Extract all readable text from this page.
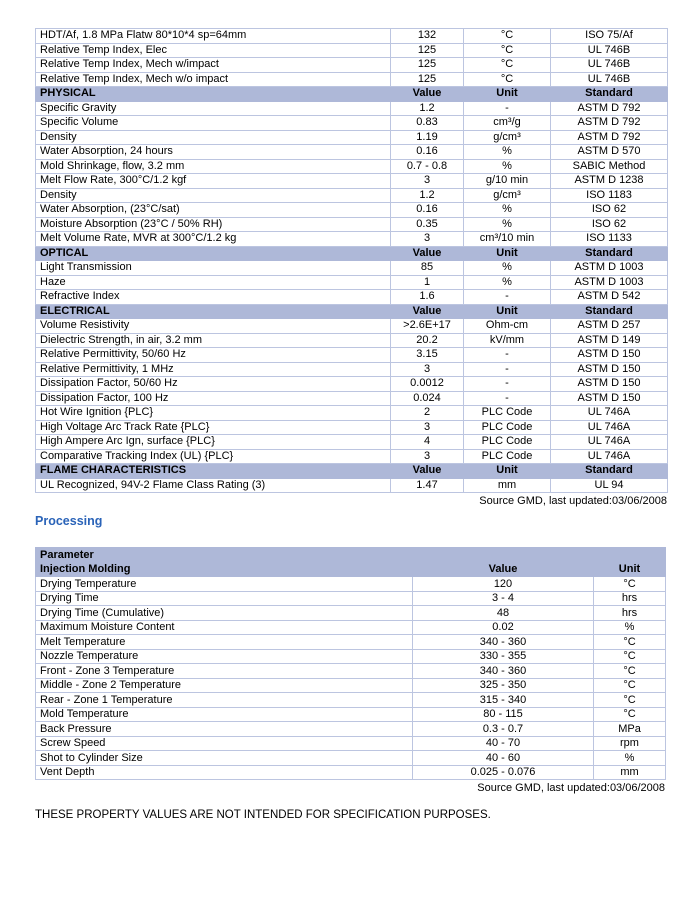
HDT/Af, 1.8 MPa Flatw 80*10*4 sp=64mm	132	°C	ISO 75/Af
Relative Temp Index, Elec	125	°C	UL 746B
Relative Temp Index, Mech w/impact	125	°C	UL 746B
Relative Temp Index, Mech w/o impact	125	°C	UL 746B
PHYSICAL	Value	Unit	Standard
Specific Gravity	1.2	-	ASTM D 792
Specific Volume	0.83	cm³/g	ASTM D 792
Density	1.19	g/cm³	ASTM D 792
Water Absorption, 24 hours	0.16	%	ASTM D 570
Mold Shrinkage, flow, 3.2 mm	0.7 - 0.8	%	SABIC Method
Melt Flow Rate, 300°C/1.2 kgf	3	g/10 min	ASTM D 1238
Density	1.2	g/cm³	ISO 1183
Water Absorption, (23°C/sat)	0.16	%	ISO 62
Moisture Absorption (23°C / 50% RH)	0.35	%	ISO 62
Melt Volume Rate, MVR at 300°C/1.2 kg	3	cm³/10 min	ISO 1133
OPTICAL	Value	Unit	Standard
Light Transmission	85	%	ASTM D 1003
Haze	1	%	ASTM D 1003
Refractive Index	1.6	-	ASTM D 542
ELECTRICAL	Value	Unit	Standard
Volume Resistivity	>2.6E+17	Ohm-cm	ASTM D 257
Dielectric Strength, in air, 3.2 mm	20.2	kV/mm	ASTM D 149
Relative Permittivity, 50/60 Hz	3.15	-	ASTM D 150
Relative Permittivity, 1 MHz	3	-	ASTM D 150
Dissipation Factor, 50/60 Hz	0.0012	-	ASTM D 150
Dissipation Factor, 100 Hz	0.024	-	ASTM D 150
Hot Wire Ignition {PLC}	2	PLC Code	UL 746A
High Voltage Arc Track Rate {PLC}	3	PLC Code	UL 746A
High Ampere Arc Ign, surface {PLC}	4	PLC Code	UL 746A
Comparative Tracking Index (UL) {PLC}	3	PLC Code	UL 746A
FLAME CHARACTERISTICS	Value	Unit	Standard
UL Recognized, 94V-2 Flame Class Rating (3)	1.47	mm	UL 94
Source GMD, last updated:03/06/2008
Processing
Parameter		
Injection Molding	Value	Unit
Drying Temperature	120	°C
Drying Time	3 - 4	hrs
Drying Time (Cumulative)	48	hrs
Maximum Moisture Content	0.02	%
Melt Temperature	340 - 360	°C
Nozzle Temperature	330 - 355	°C
Front - Zone 3 Temperature	340 - 360	°C
Middle - Zone 2 Temperature	325 - 350	°C
Rear - Zone 1 Temperature	315 - 340	°C
Mold Temperature	80 - 115	°C
Back Pressure	0.3 - 0.7	MPa
Screw Speed	40 - 70	rpm
Shot to Cylinder Size	40 - 60	%
Vent Depth	0.025 - 0.076	mm
Source GMD, last updated:03/06/2008

THESE PROPERTY VALUES ARE NOT INTENDED FOR SPECIFICATION PURPOSES.
